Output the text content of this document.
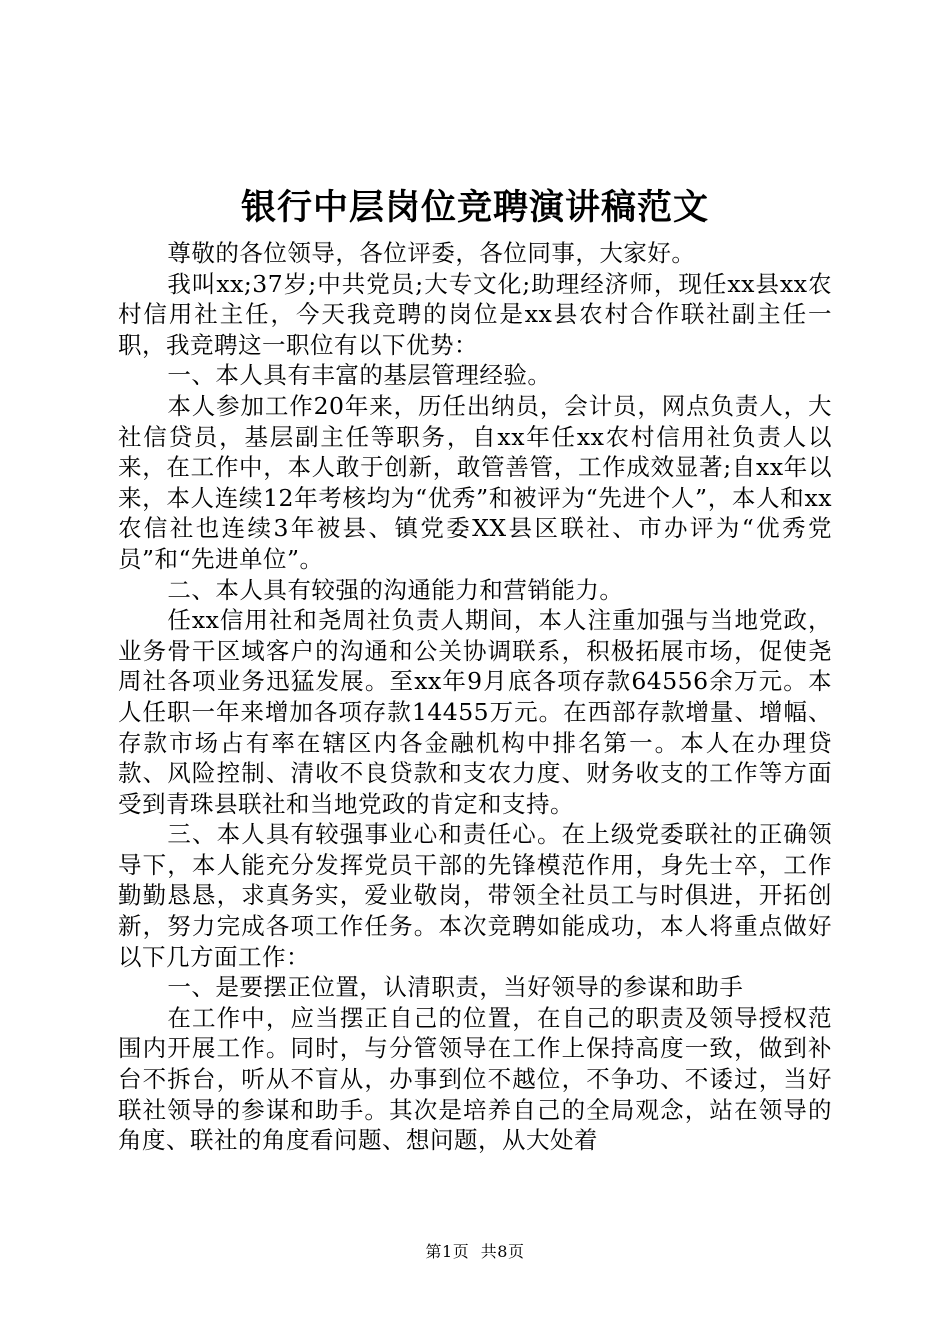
银行中层岗位竞聘演讲稿范文

尊敬的各位领导，各位评委，各位同事，大家好。

我叫xx;37岁;中共党员;大专文化;助理经济师，现任xx县xx农村信用社主任，今天我竞聘的岗位是xx县农村合作联社副主任一职，我竞聘这一职位有以下优势：

一、本人具有丰富的基层管理经验。

本人参加工作20年来，历任出纳员，会计员，网点负责人，大社信贷员，基层副主任等职务，自xx年任xx农村信用社负责人以来，在工作中，本人敢于创新，敢管善管，工作成效显著;自xx年以来，本人连续12年考核均为“优秀”和被评为“先进个人”，本人和xx农信社也连续3年被县、镇党委XX县区联社、市办评为“优秀党员”和“先进单位”。

二、本人具有较强的沟通能力和营销能力。

任xx信用社和尧周社负责人期间，本人注重加强与当地党政，业务骨干区域客户的沟通和公关协调联系，积极拓展市场，促使尧周社各项业务迅猛发展。至xx年9月底各项存款64556余万元。本人任职一年来增加各项存款14455万元。在西部存款增量、增幅、存款市场占有率在辖区内各金融机构中排名第一。本人在办理贷款、风险控制、清收不良贷款和支农力度、财务收支的工作等方面受到青珠县联社和当地党政的肯定和支持。

三、本人具有较强事业心和责任心。在上级党委联社的正确领导下，本人能充分发挥党员干部的先锋模范作用，身先士卒，工作勤勤恳恳，求真务实，爱业敬岗，带领全社员工与时俱进，开拓创新，努力完成各项工作任务。本次竞聘如能成功，本人将重点做好以下几方面工作：

一、是要摆正位置，认清职责，当好领导的参谋和助手

在工作中，应当摆正自己的位置，在自己的职责及领导授权范围内开展工作。同时，与分管领导在工作上保持高度一致，做到补台不拆台，听从不盲从，办事到位不越位，不争功、不诿过，当好联社领导的参谋和助手。其次是培养自己的全局观念，站在领导的角度、联社的角度看问题、想问题，从大处着

第1页 共8页
